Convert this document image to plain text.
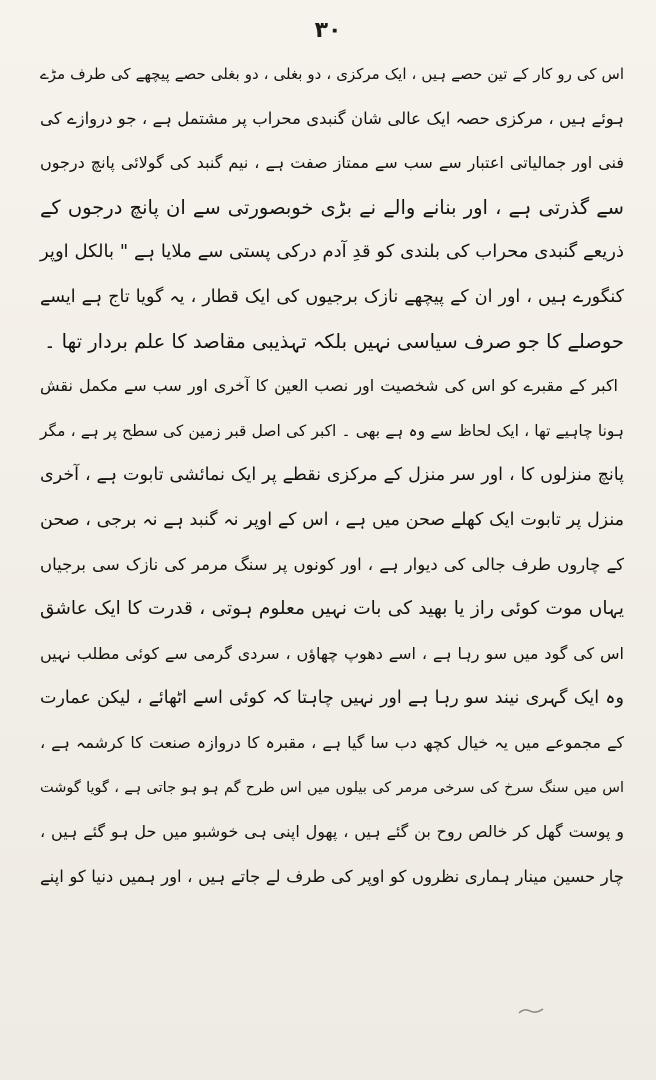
۳۰
اس کی رو کار کے تین حصے ہیں ، ایک مرکزی ، دو بغلی ، دو بغلی حصے پیچھے کی طرف مڑے
ہوئے ہیں ، مرکزی حصہ ایک عالی شان گنبدی محراب پر مشتمل ہے ، جو دروازے کی
فنی اور جمالیاتی اعتبار سے سب سے ممتاز صفت ہے ، نیم گنبد کی گولائی پانچ درجوں
سے گذرتی ہے ، اور بنانے والے نے بڑی خوبصورتی سے ان پانچ درجوں کے
ذریعے گنبدی محراب کی بلندی کو قدِ آدم درکی پستی سے ملایا ہے " بالکل اوپر
کنگورے ہیں ، اور ان کے پیچھے نازک برجیوں کی ایک قطار ، یہ گویا تاج ہے ایسے
حوصلے کا جو صرف سیاسی نہیں بلکہ تہذیبی مقاصد کا علم بردار تھا ۔
اکبر کے مقبرے کو اس کی شخصیت اور نصب العین کا آخری اور سب سے مکمل نقش
ہونا چاہیے تھا ، ایک لحاظ سے وہ ہے بھی ۔ اکبر کی اصل قبر زمین کی سطح پر ہے ، مگر
پانچ منزلوں کا ، اور سر منزل کے مرکزی نقطے پر ایک نمائشی تابوت ہے ، آخری
منزل پر تابوت ایک کھلے صحن میں ہے ، اس کے اوپر نہ گنبد ہے نہ برجی ، صحن
کے چاروں طرف جالی کی دیوار ہے ، اور کونوں پر سنگ مرمر کی نازک سی برجیاں
یہاں موت کوئی راز یا بھید کی بات نہیں معلوم ہوتی ، قدرت کا ایک عاشق
اس کی گود میں سو رہا ہے ، اسے دھوپ چھاؤں ، سردی گرمی سے کوئی مطلب نہیں
وہ ایک گہری نیند سو رہا ہے اور نہیں چاہتا کہ کوئی اسے اٹھائے ، لیکن عمارت
کے مجموعے میں یہ خیال کچھ دب سا گیا ہے ، مقبرہ کا دروازہ صنعت کا کرشمہ ہے ،
اس میں سنگ سرخ کی سرخی مرمر کی بیلوں میں اس طرح گم ہو ہو جاتی ہے ، گویا گوشت
و پوست گھل کر خالص روح بن گئے ہیں ، پھول اپنی ہی خوشبو میں حل ہو گئے ہیں ،
چار حسین مینار ہماری نظروں کو اوپر کی طرف لے جاتے ہیں ، اور ہمیں دنیا کو اپنے
